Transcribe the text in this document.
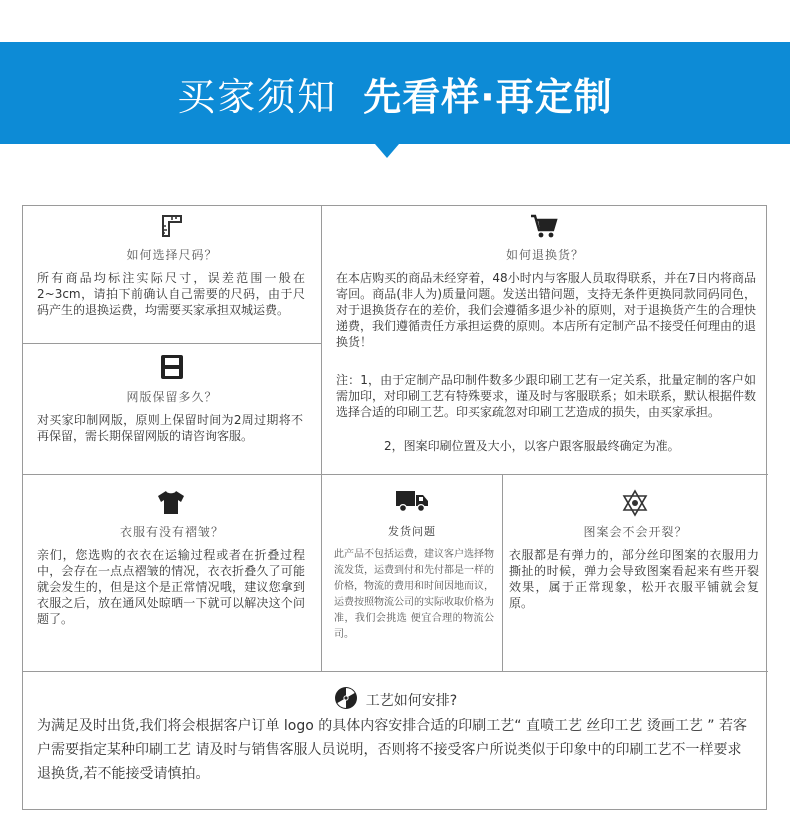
买家须知 先看样·再定制
如何选择尺码？
所有商品均标注实际尺寸，误差范围一般在2~3cm，请拍下前确认自己需要的尺码，由于尺码产生的退换运费，均需要买家承担双城运费。
网版保留多久？
对买家印制网版，原则上保留时间为2周过期将不再保留，需长期保留网版的请咨询客服。
如何退换货？
在本店购买的商品未经穿着，48小时内与客服人员取得联系，并在7日内将商品寄回。商品(非人为)质量问题。发送出错问题，支持无条件更换同款同码同色，对于退换货存在的差价，我们会遵循多退少补的原则，对于退换货产生的合理快递费，我们遵循责任方承担运费的原则。本店所有定制产品不接受任何理由的退换货！
注：1，由于定制产品印制件数多少跟印刷工艺有一定关系，批量定制的客户如需加印，对印刷工艺有特殊要求，谨及时与客服联系；如未联系，默认根据件数选择合适的印刷工艺。印买家疏忽对印刷工艺造成的损失，由买家承担。
2，图案印刷位置及大小，以客户跟客服最终确定为准。
衣服有没有褶皱？
亲们，您选购的衣衣在运输过程或者在折叠过程中，会存在一点点褶皱的情况，衣衣折叠久了可能就会发生的，但是这个是正常情况哦，建议您拿到衣服之后，放在通风处晾晒一下就可以解决这个问题了。
发货问题
此产品不包括运费，建议客户选择物流发货，运费到付和先付都是一样的价格，物流的费用和时间因地而议，运费按照物流公司的实际收取价格为准，我们会挑选 便宜合理的物流公司。
图案会不会开裂？
衣服都是有弹力的，部分丝印图案的衣服用力撕扯的时候，弹力会导致图案看起来有些开裂效果，属于正常现象，松开衣服平铺就会复原。
工艺如何安排?
为满足及时出货,我们将会根据客户订单 logo 的具体内容安排合适的印刷工艺“ 直喷工艺 丝印工艺 烫画工艺 ” 若客户需要指定某种印刷工艺 请及时与销售客服人员说明，否则将不接受客户所说类似于印象中的印刷工艺不一样要求退换货,若不能接受请慎拍。
